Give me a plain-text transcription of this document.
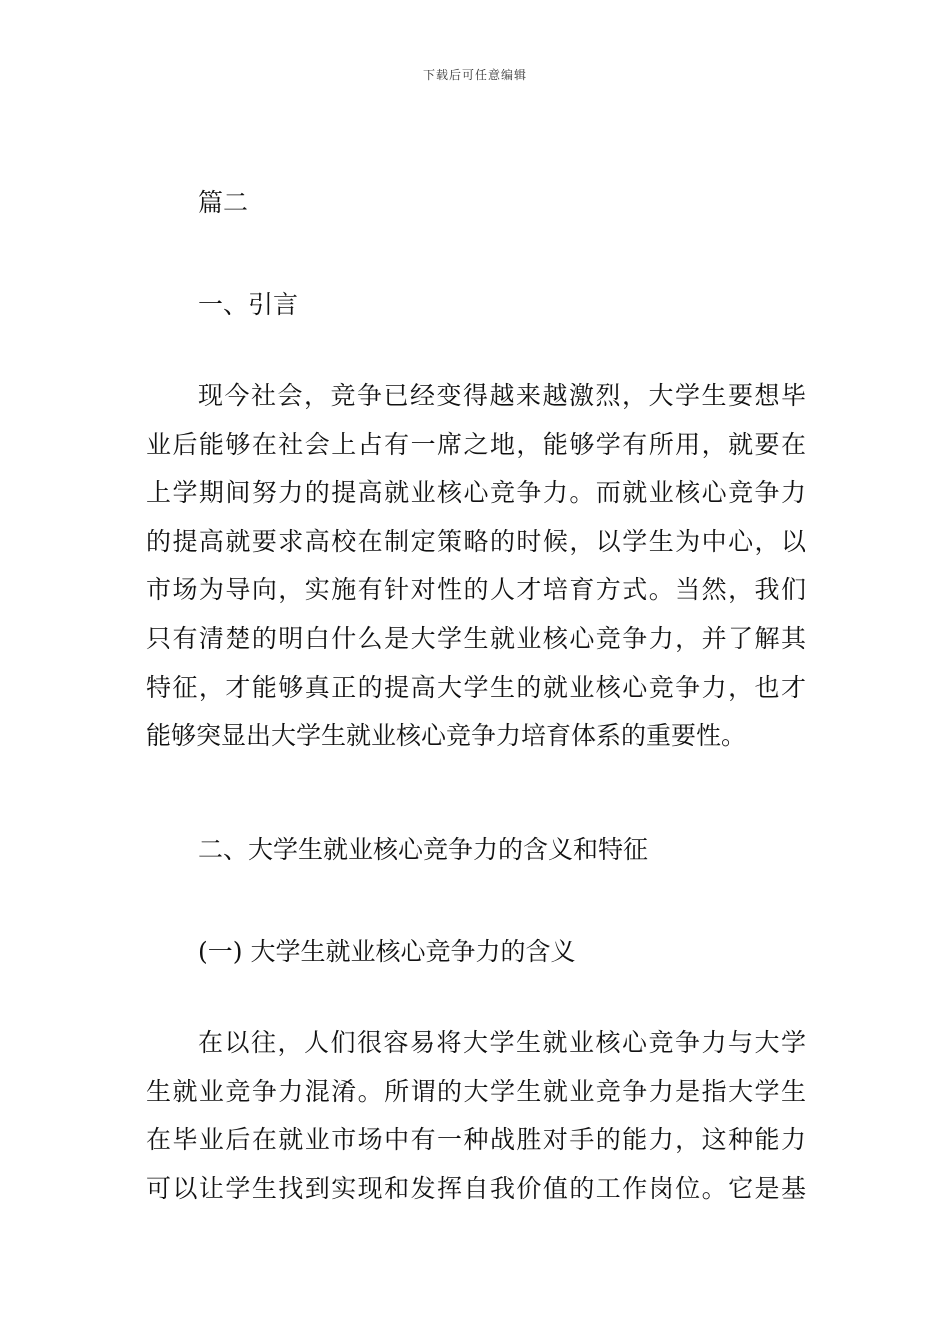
下载后可任意编辑
篇二
一、引言
现今社会，竞争已经变得越来越激烈，大学生要想毕
业后能够在社会上占有一席之地，能够学有所用，就要在
上学期间努力的提高就业核心竞争力。而就业核心竞争力
的提高就要求高校在制定策略的时候，以学生为中心，以
市场为导向，实施有针对性的人才培育方式。当然，我们
只有清楚的明白什么是大学生就业核心竞争力，并了解其
特征，才能够真正的提高大学生的就业核心竞争力，也才
能够突显出大学生就业核心竞争力培育体系的重要性。
二、大学生就业核心竞争力的含义和特征
(一) 大学生就业核心竞争力的含义
在以往，人们很容易将大学生就业核心竞争力与大学
生就业竞争力混淆。所谓的大学生就业竞争力是指大学生
在毕业后在就业市场中有一种战胜对手的能力，这种能力
可以让学生找到实现和发挥自我价值的工作岗位。它是基
